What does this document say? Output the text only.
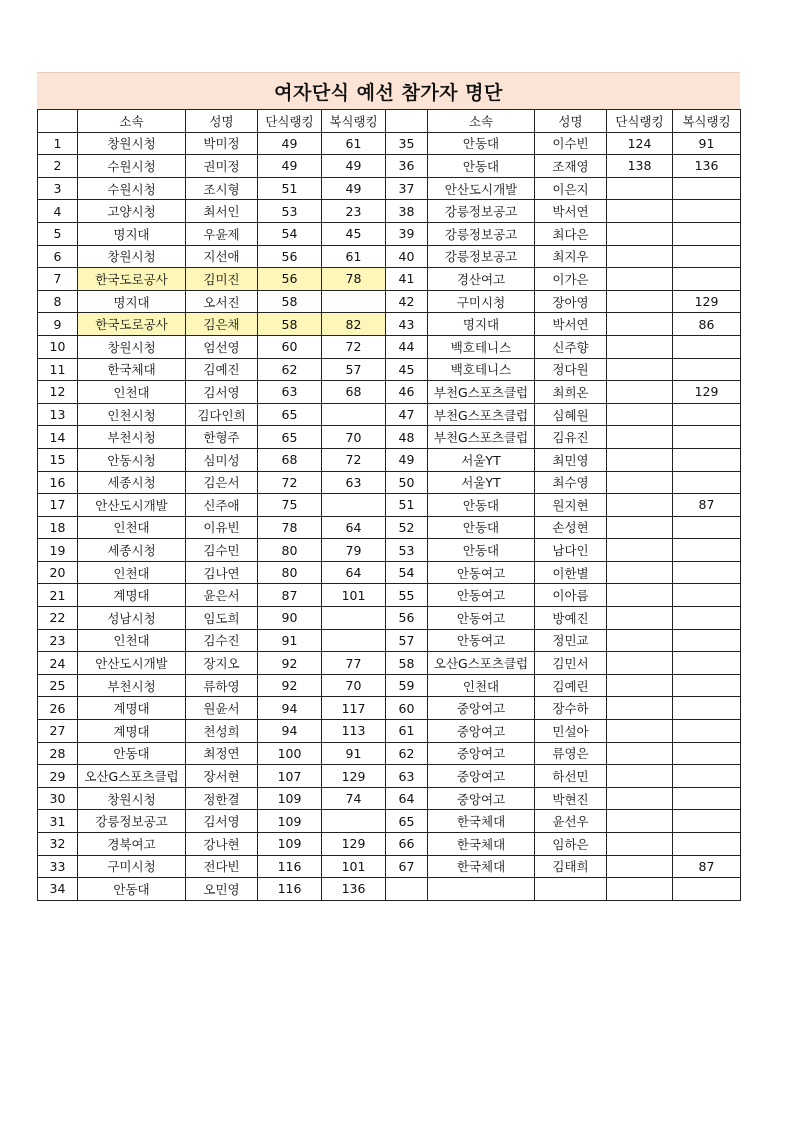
여자단식 예선 참가자 명단
	소속	성명	단식랭킹	복식랭킹		소속	성명	단식랭킹	복식랭킹
1	창원시청	박미정	49	61	35	안동대	이수빈	124	91
2	수원시청	권미정	49	49	36	안동대	조재영	138	136
3	수원시청	조시형	51	49	37	안산도시개발	이은지		
4	고양시청	최서인	53	23	38	강릉정보공고	박서연		
5	명지대	우윤제	54	45	39	강릉정보공고	최다은		
6	창원시청	지선애	56	61	40	강릉정보공고	최지우		
7	한국도로공사	김미진	56	78	41	경산여고	이가은		
8	명지대	오서진	58		42	구미시청	장아영		129
9	한국도로공사	김은채	58	82	43	명지대	박서연		86
10	창원시청	엄선영	60	72	44	백호테니스	신주향		
11	한국체대	김예진	62	57	45	백호테니스	정다원		
12	인천대	김서영	63	68	46	부천G스포츠클럽	최희온		129
13	인천시청	김다인희	65		47	부천G스포츠클럽	심혜원		
14	부천시청	한형주	65	70	48	부천G스포츠클럽	김유진		
15	안동시청	심미성	68	72	49	서울YT	최민영		
16	세종시청	김은서	72	63	50	서울YT	최수영		
17	안산도시개발	신주애	75		51	안동대	원지현		87
18	인천대	이유빈	78	64	52	안동대	손성현		
19	세종시청	김수민	80	79	53	안동대	남다인		
20	인천대	김나연	80	64	54	안동여고	이한별		
21	계명대	윤은서	87	101	55	안동여고	이아름		
22	성남시청	임도희	90		56	안동여고	방예진		
23	인천대	김수진	91		57	안동여고	정민교		
24	안산도시개발	장지오	92	77	58	오산G스포츠클럽	김민서		
25	부천시청	류하영	92	70	59	인천대	김예린		
26	계명대	원윤서	94	117	60	중앙여고	장수하		
27	계명대	천성희	94	113	61	중앙여고	민설아		
28	안동대	최정연	100	91	62	중앙여고	류영은		
29	오산G스포츠클럽	장서현	107	129	63	중앙여고	하선민		
30	창원시청	정한결	109	74	64	중앙여고	박현진		
31	강릉정보공고	김서영	109		65	한국체대	윤선우		
32	경북여고	강나현	109	129	66	한국체대	임하은		
33	구미시청	전다빈	116	101	67	한국체대	김태희		87
34	안동대	오민영	116	136					
